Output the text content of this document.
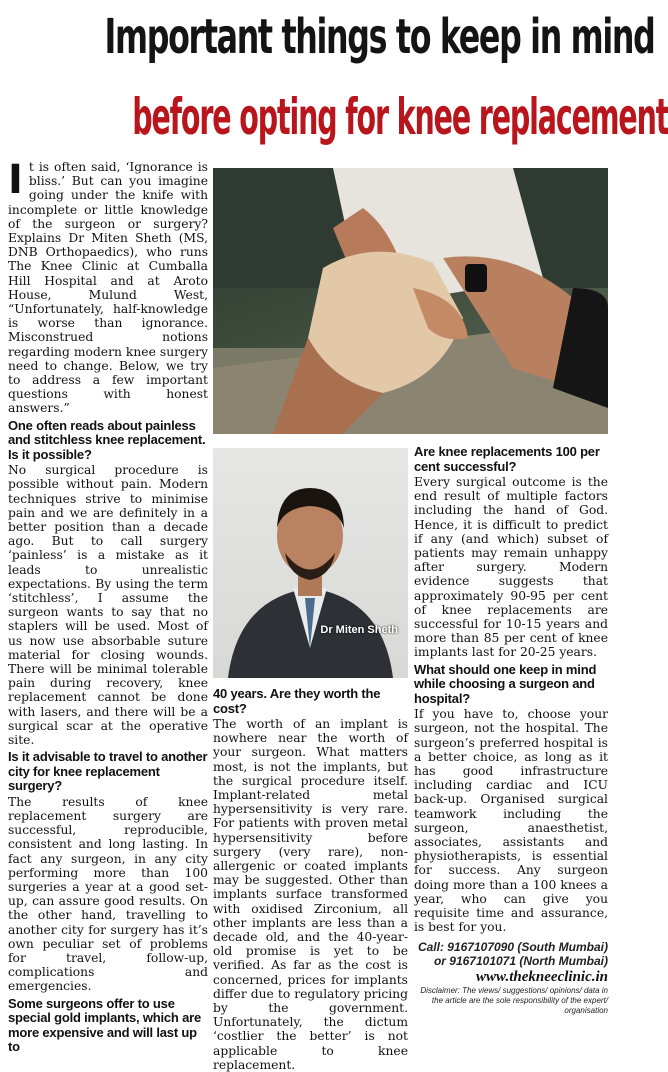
Important things to keep in mind
before opting for knee replacement

It is often said, ‘Ignorance is bliss.’ But can you imagine going under the knife with incomplete or little knowledge of the surgeon or surgery? Explains Dr Miten Sheth (MS, DNB Orthopaedics), who runs The Knee Clinic at Cumballa Hill Hospital and at Aroto House, Mulund West, “Unfortunately, half-knowledge is worse than ignorance. Misconstrued notions regarding modern knee surgery need to change. Below, we try to address a few important questions with honest answers.”

One often reads about painless and stitchless knee replacement. Is it possible?

No surgical procedure is possible without pain. Modern techniques strive to minimise pain and we are definitely in a better position than a decade ago. But to call surgery ‘painless’ is a mistake as it leads to unrealistic expectations. By using the term ‘stitchless’, I assume the surgeon wants to say that no staplers will be used. Most of us now use absorbable suture material for closing wounds. There will be minimal tolerable pain during recovery, knee replacement cannot be done with lasers, and there will be a surgical scar at the operative site.

Is it advisable to travel to another city for knee replacement surgery?

The results of knee replacement surgery are successful, reproducible, consistent and long lasting. In fact any surgeon, in any city performing more than 100 surgeries a year at a good set-up, can assure good results. On the other hand, travelling to another city for surgery has it’s own peculiar set of problems for travel, follow-up, complications and emergencies.

Some surgeons offer to use special gold implants, which are more expensive and will last up to
Dr Miten Sheth
40 years. Are they worth the cost?

The worth of an implant is nowhere near the worth of your surgeon. What matters most, is not the implants, but the surgical procedure itself. Implant-related metal hypersensitivity is very rare. For patients with proven metal hypersensitivity before surgery (very rare), non-allergenic or coated implants may be suggested. Other than implants surface transformed with oxidised Zirconium, all other implants are less than a decade old, and the 40-year-old promise is yet to be verified. As far as the cost is concerned, prices for implants differ due to regulatory pricing by the government. Unfortunately, the dictum ‘costlier the better’ is not applicable to knee replacement.

Are knee replacements 100 per cent successful?

Every surgical outcome is the end result of multiple factors including the hand of God. Hence, it is difficult to predict if any (and which) subset of patients may remain unhappy after surgery. Modern evidence suggests that approximately 90-95 per cent of knee replacements are successful for 10-15 years and more than 85 per cent of knee implants last for 20-25 years.

What should one keep in mind while choosing a surgeon and hospital?

If you have to, choose your surgeon, not the hospital. The surgeon’s preferred hospital is a better choice, as long as it has good infrastructure including cardiac and ICU back-up. Organised surgical teamwork including the surgeon, anaesthetist, associates, assistants and physiotherapists, is essential for success. Any surgeon doing more than a 100 knees a year, who can give you requisite time and assurance, is best for you.

Call: 9167107090 (South Mumbai)
or 9167101071 (North Mumbai)
www.thekneeclinic.in
Disclaimer: The views/ suggestions/ opinions/ data in the article are the sole responsibility of the expert/ organisation
